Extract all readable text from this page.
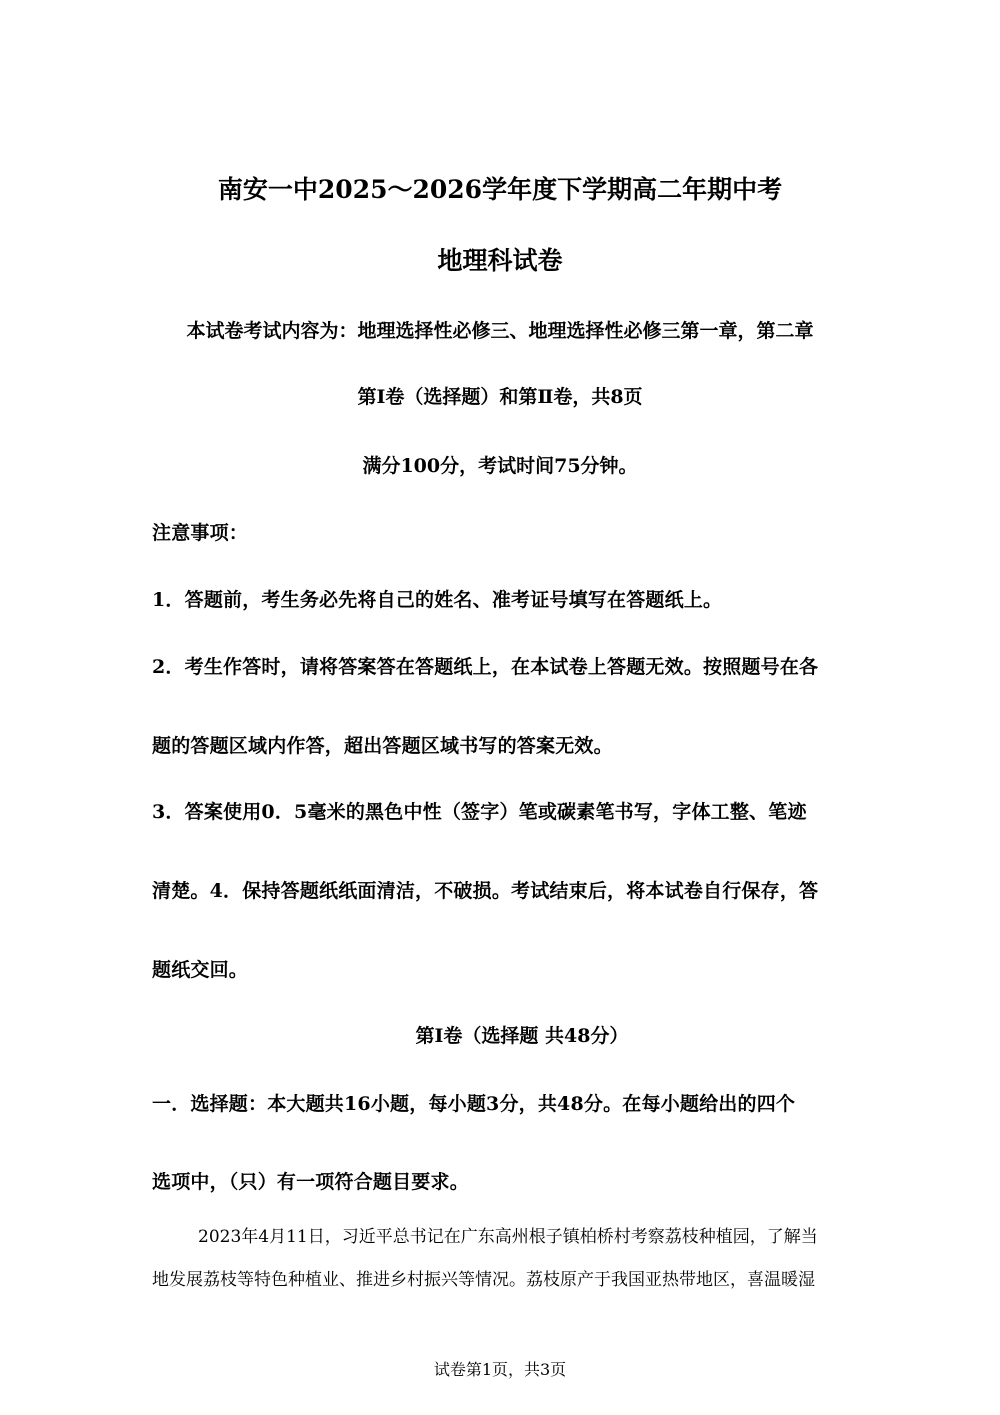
南安一中2025～2026学年度下学期高二年期中考

地理科试卷

本试卷考试内容为：地理选择性必修三、地理选择性必修三第一章，第二章

第Ⅰ卷（选择题）和第Ⅱ卷，共8页

满分100分，考试时间75分钟。

注意事项：

1．答题前，考生务必先将自己的姓名、准考证号填写在答题纸上。

2．考生作答时，请将答案答在答题纸上，在本试卷上答题无效。按照题号在各

题的答题区域内作答，超出答题区域书写的答案无效。

3．答案使用0．5毫米的黑色中性（签字）笔或碳素笔书写，字体工整、笔迹

清楚。4．保持答题纸纸面清洁，不破损。考试结束后，将本试卷自行保存，答

题纸交回。

第Ⅰ卷（选择题 共48分）

一．选择题：本大题共16小题，每小题3分，共48分。在每小题给出的四个

选项中，（只）有一项符合题目要求。

2023年4月11日，习近平总书记在广东高州根子镇柏桥村考察荔枝种植园，了解当

地发展荔枝等特色种植业、推进乡村振兴等情况。荔枝原产于我国亚热带地区，喜温暖湿

试卷第1页，共3页
